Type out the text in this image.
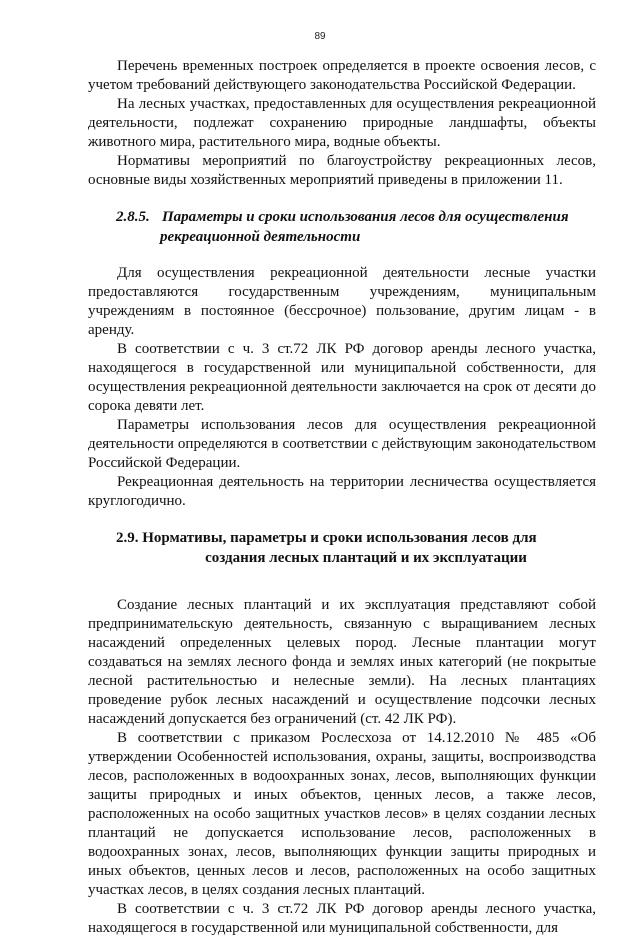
89

Перечень временных построек определяется в проекте освоения лесов, с учетом требований действующего законодательства Российской Федерации.

На лесных участках, предоставленных для осуществления рекреационной деятельности, подлежат сохранению природные ландшафты, объекты животного мира, растительного мира, водные объекты.

Нормативы мероприятий по благоустройству рекреационных лесов, основные виды хозяйственных мероприятий приведены в приложении 11.

2.8.5. Параметры и сроки использования лесов для осуществления
рекреационной деятельности

Для осуществления рекреационной деятельности лесные участки предоставляются государственным учреждениям, муниципальным учреждениям в постоянное (бессрочное) пользование, другим лицам - в аренду.

В соответствии с ч. 3 ст.72 ЛК РФ договор аренды лесного участка, находящегося в государственной или муниципальной собственности, для осуществления рекреационной деятельности заключается на срок от десяти до сорока девяти лет.

Параметры использования лесов для осуществления рекреационной деятельности определяются в соответствии с действующим законодательством Российской Федерации.

Рекреационная деятельность на территории лесничества осуществляется круглогодично.

2.9. Нормативы, параметры и сроки использования лесов для
создания лесных плантаций и их эксплуатации

Создание лесных плантаций и их эксплуатация представляют собой предпринимательскую деятельность, связанную с выращиванием лесных насаждений определенных целевых пород. Лесные плантации могут создаваться на землях лесного фонда и землях иных категорий (не покрытые лесной растительностью и нелесные земли). На лесных плантациях проведение рубок лесных насаждений и осуществление подсочки лесных насаждений допускается без ограничений (ст. 42 ЛК РФ).

В соответствии с приказом Рослесхоза от 14.12.2010 № 485 «Об утверждении Особенностей использования, охраны, защиты, воспроизводства лесов, расположенных в водоохранных зонах, лесов, выполняющих функции защиты природных и иных объектов, ценных лесов, а также лесов, расположенных на особо защитных участков лесов» в целях создании лесных плантаций не допускается использование лесов, расположенных в водоохранных зонах, лесов, выполняющих функции защиты природных и иных объектов, ценных лесов и лесов, расположенных на особо защитных участках лесов, в целях создания лесных плантаций.

В соответствии с ч. 3 ст.72 ЛК РФ договор аренды лесного участка, находящегося в государственной или муниципальной собственности, для
